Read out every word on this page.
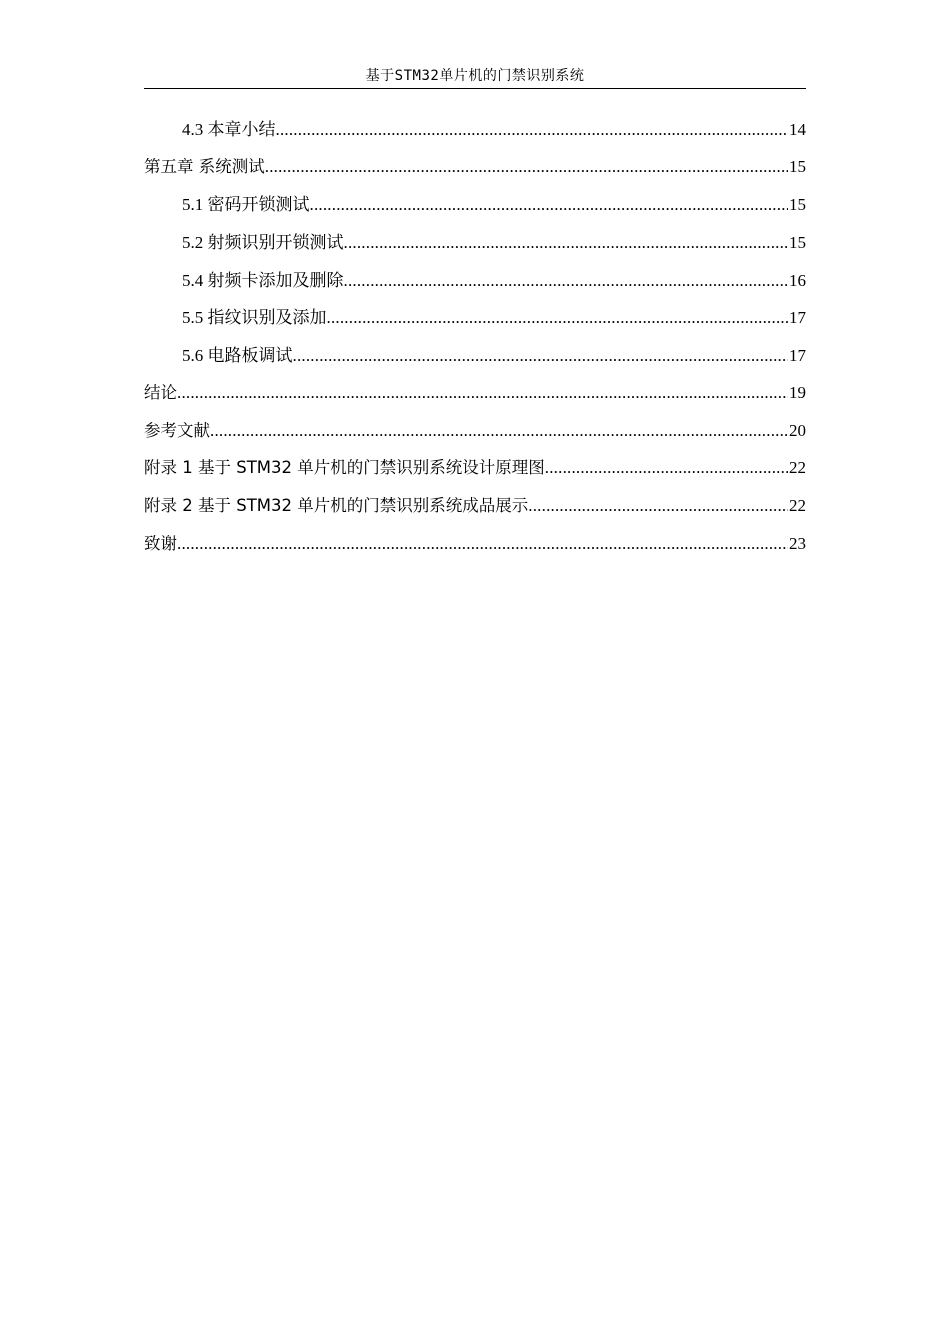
基于STM32单片机的门禁识别系统
4.3 本章小结 .....	14
第五章 系统测试 .....	15
5.1 密码开锁测试 .....	15
5.2 射频识别开锁测试 .....	15
5.4 射频卡添加及删除 .....	16
5.5 指纹识别及添加 .....	17
5.6 电路板调试 .....	17
结论 .....	19
参考文献 .....	20
附录 1 基于 STM32 单片机的门禁识别系统设计原理图 .....	22
附录 2 基于 STM32 单片机的门禁识别系统成品展示 .....	22
致谢 .....	23
